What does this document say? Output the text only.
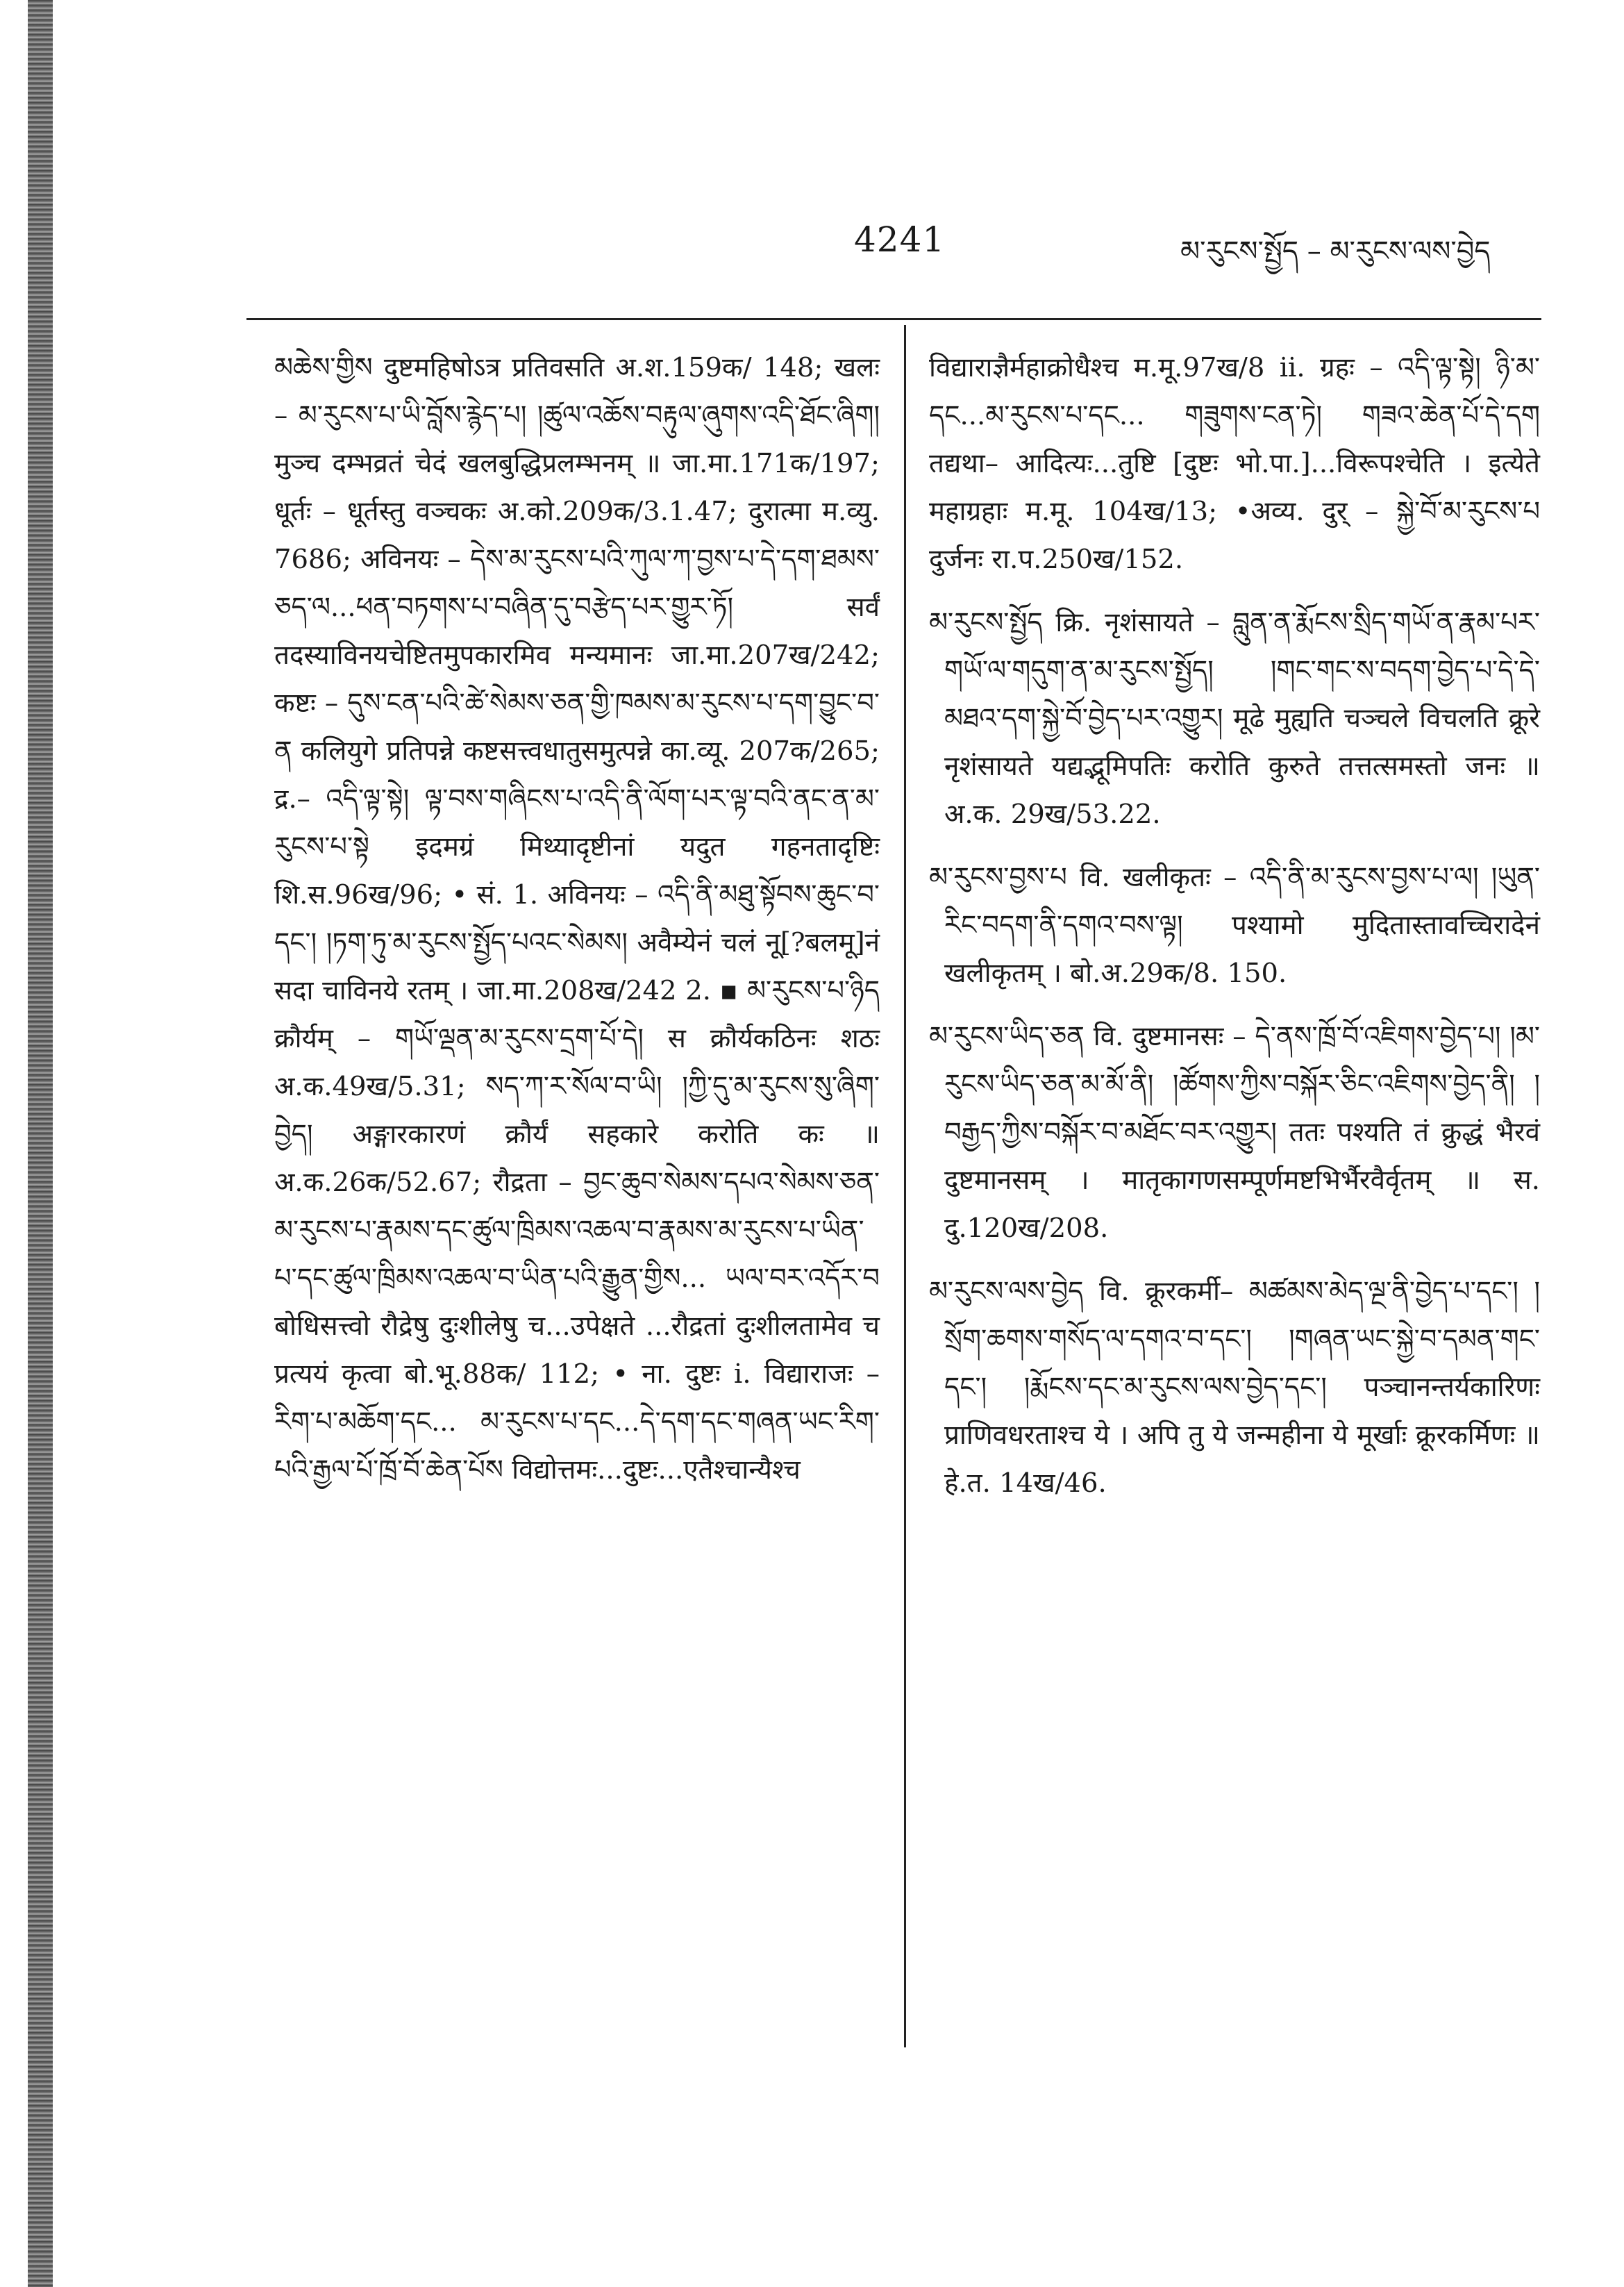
4241	མ་རུངས་སྤྱོད – མ་རུངས་ལས་བྱེད

མཆེས་གྱིས दुष्टमहिषोऽत्र प्रतिवसति अ.श.159क/ 148; खलः – མ་རུངས་པ་ཡི་བློས་རྙེད་པ། །ཚུལ་འཆོས་བརྟུལ་ཞུགས་འདི་ཐོང་ཞིག། मुञ्च दम्भव्रतं चेदं खलबुद्धिप्रलम्भनम् ॥ जा.मा.171क/197; धूर्तः – धूर्तस्तु वञ्चकः अ.को.209क/3.1.47; दुरात्मा म.व्यु. 7686; अविनयः – དེས་མ་རུངས་པའི་ཀུལ་ཀ་བྱས་པ་དེ་དག་ཐམས་ཅད་ལ...ཕན་བཏགས་པ་བཞིན་དུ་བརྩེད་པར་གྱུར་ཏོ། सर्वं तदस्याविनयचेष्टितमुपकारमिव मन्यमानः जा.मा.207ख/242; कष्टः – དུས་ངན་པའི་ཚེ་སེམས་ཅན་གྱི་ཁམས་མ་རུངས་པ་དག་བྱུང་བ་ན कलियुगे प्रतिपन्ने कष्टसत्त्वधातुसमुत्पन्ने का.व्यू. 207क/265; द्र.– འདི་ལྟ་སྟེ། ལྟ་བས་གཞིངས་པ་འདི་ནི་ལོག་པར་ལྟ་བའི་ནང་ན་མ་རུངས་པ་སྟེ इदमग्रं मिथ्यादृष्टीनां यदुत गहनतादृष्टिः शि.स.96ख/96; • सं. 1. अविनयः – འདི་ནི་མཐུ་སྟོབས་ཆུང་བ་དང་། །ཏག་ཏུ་མ་རུངས་སྤྱོད་པའང་སེམས། अवैम्येनं चलं नू[?बलमू]नं सदा चाविनये रतम् । जा.मा.208ख/242 2. ▪ མ་རུངས་པ་ཉིད क्रौर्यम् – གཡོ་ལྡན་མ་རུངས་དྲག་པོ་དེ། स क्रौर्यकठिनः शठः अ.क.49ख/5.31; སད་ཀ་ར་སོལ་བ་ཡི། །ཀྱི་དུ་མ་རུངས་སུ་ཞིག་བྱེད། अङ्गारकारणं क्रौर्यं सहकारे करोति कः ॥ अ.क.26क/52.67; रौद्रता – བྱང་ཆུབ་སེམས་དཔའ་སེམས་ཅན་མ་རུངས་པ་རྣམས་དང་ཚུལ་ཁྲིམས་འཆལ་བ་རྣམས་མ་རུངས་པ་ཡིན་པ་དང་ཚུལ་ཁྲིམས་འཆལ་བ་ཡིན་པའི་རྒྱུན་གྱིས... ཡལ་བར་འདོར་བ बोधिसत्त्वो रौद्रेषु दुःशीलेषु च...उपेक्षते ...रौद्रतां दुःशीलतामेव च प्रत्ययं कृत्वा बो.भू.88क/ 112; • ना. दुष्टः i. विद्याराजः – རིག་པ་མཆོག་དང... མ་རུངས་པ་དང...དེ་དག་དང་གཞན་ཡང་རིག་པའི་རྒྱལ་པོ་ཁྲོ་བོ་ཆེན་པོས विद्योत्तमः...दुष्टः...एतैश्चान्यैश्च

विद्याराज्ञैर्महाक्रोधैश्च म.मू.97ख/8 ii. ग्रहः – འདི་ལྟ་སྟེ། ཉི་མ་དང...མ་རུངས་པ་དང... གཟུགས་ངན་ཏེ། གཟའ་ཆེན་པོ་དེ་དག तद्यथा– आदित्यः...तुष्टि [दुष्टः भो.पा.]...विरूपश्चेति । इत्येते महाग्रहाः म.मू. 104ख/13; •अव्य. दुर् – སྐྱེ་བོ་མ་རུངས་པ दुर्जनः रा.प.250ख/152.

མ་རུངས་སྤྱོད क्रि. नृशंसायते – བླུན་ན་རྨོངས་སྲིད་གཡོ་ན་རྣམ་པར་གཡོ་ལ་གདུག་ན་མ་རུངས་སྤྱོད། །གང་གང་ས་བདག་བྱེད་པ་དེ་དེ་མཐའ་དག་སྐྱེ་བོ་བྱེད་པར་འགྱུར། मूढे मुह्यति चञ्चले विचलति क्रूरे नृशंसायते यद्यद्भूमिपतिः करोति कुरुते तत्तत्समस्तो जनः ॥ अ.क. 29ख/53.22.

མ་རུངས་བྱས་པ वि. खलीकृतः – འདི་ནི་མ་རུངས་བྱས་པ་ལ། །ཡུན་རིང་བདག་ནི་དགའ་བས་ལྟ། पश्यामो मुदितास्तावच्चिरादेनं खलीकृतम् । बो.अ.29क/8. 150.

མ་རུངས་ཡིད་ཅན वि. दुष्टमानसः – དེ་ནས་ཁྲོ་བོ་འཇིགས་བྱེད་པ། །མ་རུངས་ཡིད་ཅན་མ་མོ་ནི། །ཚོགས་ཀྱིས་བསྐོར་ཅིང་འཇིགས་བྱེད་ནི། །བརྒྱད་ཀྱིས་བསྐོར་བ་མཐོང་བར་འགྱུར། ततः पश्यति तं क्रुद्धं भैरवं दुष्टमानसम् । मातृकागणसम्पूर्णमष्टभिर्भैरवैर्वृतम् ॥ स. दु.120ख/208.

མ་རུངས་ལས་བྱེད वि. क्रूरकर्मी– མཚམས་མེད་ལྔ་ནི་བྱེད་པ་དང་། །སྲོག་ཆགས་གསོད་ལ་དགའ་བ་དང་། །གཞན་ཡང་སྐྱེ་བ་དམན་གང་དང་། །རྨོངས་དང་མ་རུངས་ལས་བྱེད་དང་། पञ्चानन्तर्यकारिणः प्राणिवधरताश्च ये । अपि तु ये जन्महीना ये मूर्खाः क्रूरकर्मिणः ॥ हे.त. 14ख/46.
